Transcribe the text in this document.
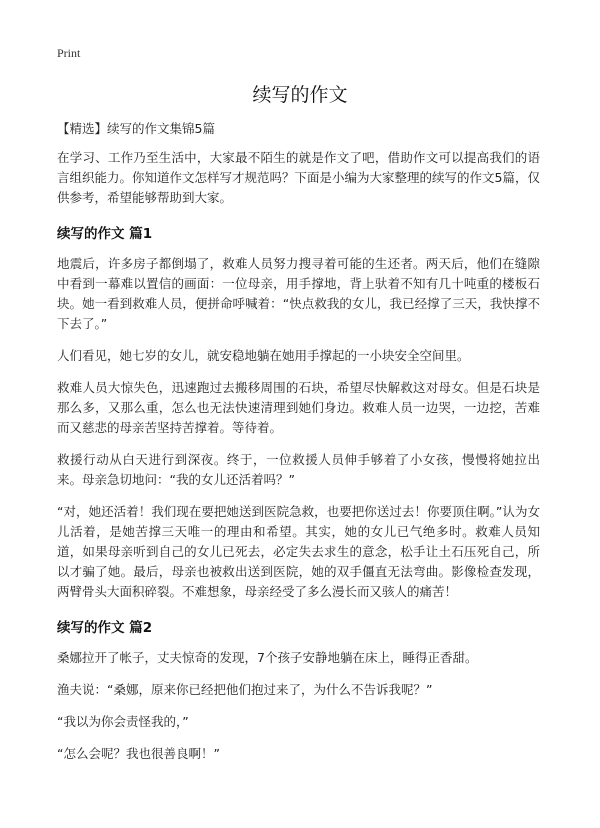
Print
续写的作文
【精选】续写的作文集锦5篇

在学习、工作乃至生活中，大家最不陌生的就是作文了吧，借助作文可以提高我们的语言组织能力。你知道作文怎样写才规范吗？下面是小编为大家整理的续写的作文5篇，仅供参考，希望能够帮助到大家。

续写的作文 篇1

地震后，许多房子都倒塌了，救难人员努力搜寻着可能的生还者。两天后，他们在缝隙中看到一幕难以置信的画面：一位母亲，用手撑地，背上驮着不知有几十吨重的楼板石块。她一看到救难人员，便拼命呼喊着：“快点救我的女儿，我已经撑了三天，我快撑不下去了。”

人们看见，她七岁的女儿，就安稳地躺在她用手撑起的一小块安全空间里。

救难人员大惊失色，迅速跑过去搬移周围的石块，希望尽快解救这对母女。但是石块是那么多，又那么重，怎么也无法快速清理到她们身边。救难人员一边哭，一边挖，苦难而又慈悲的母亲苦坚持苦撑着。等待着。

救援行动从白天进行到深夜。终于，一位救援人员伸手够着了小女孩，慢慢将她拉出来。母亲急切地问：“我的女儿还活着吗？”

“对，她还活着！我们现在要把她送到医院急救，也要把你送过去！你要顶住啊。”认为女儿活着，是她苦撑三天唯一的理由和希望。其实，她的女儿已气绝多时。救难人员知道，如果母亲听到自己的女儿已死去，必定失去求生的意念，松手让土石压死自己，所以才骗了她。最后，母亲也被救出送到医院，她的双手僵直无法弯曲。影像检查发现，两臂骨头大面积碎裂。不难想象，母亲经受了多么漫长而又骇人的痛苦！

续写的作文 篇2

桑娜拉开了帐子，丈夫惊奇的发现，7个孩子安静地躺在床上，睡得正香甜。

渔夫说：“桑娜，原来你已经把他们抱过来了，为什么不告诉我呢？”

“我以为你会责怪我的，”

“怎么会呢？我也很善良啊！”
